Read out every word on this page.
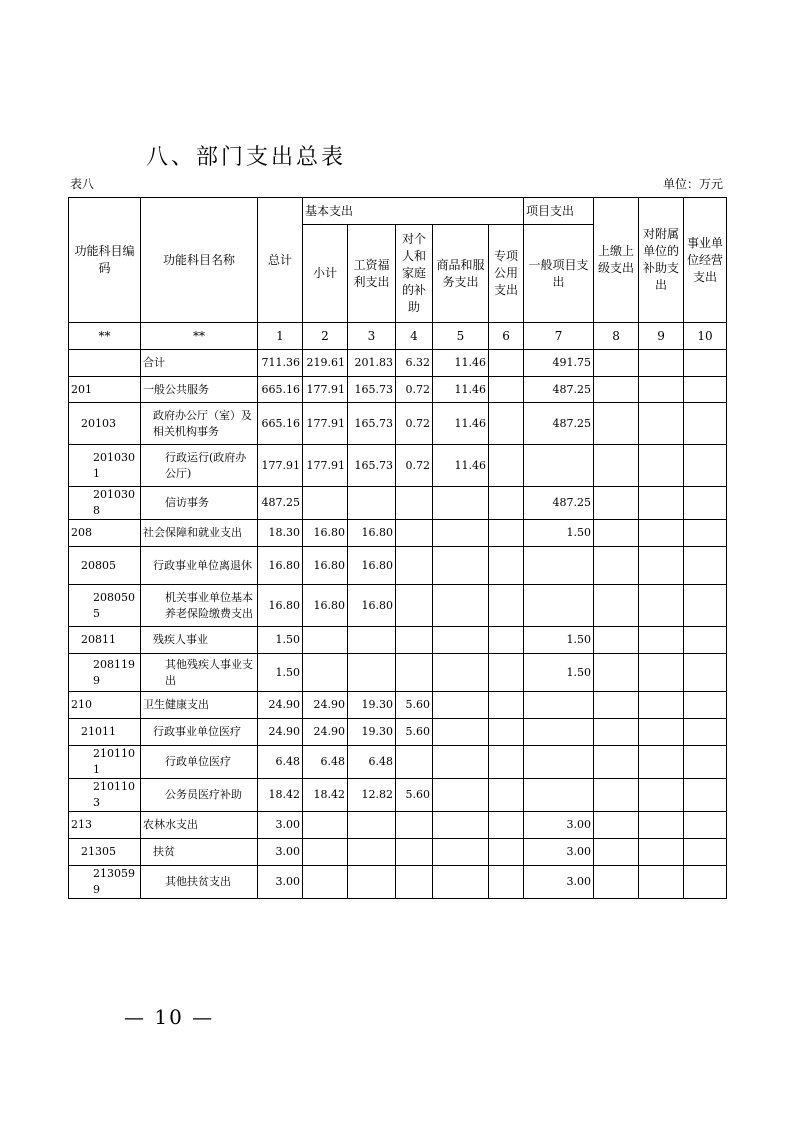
八、部门支出总表
表八	单位：万元
功能科目编码	功能科目名称	总计	基本支出					项目支出	上缴上级支出	对附属单位的补助支出	事业单位经营支出
			小计	工资福利支出	对个人和家庭的补助	商品和服务支出	专项公用支出	一般项目支出			
**	**	1	2	3	4	5	6	7	8	9	10
	合计	711.36	219.61	201.83	6.32	11.46		491.75			
201	一般公共服务	665.16	177.91	165.73	0.72	11.46		487.25			
20103	政府办公厅（室）及相关机构事务	665.16	177.91	165.73	0.72	11.46		487.25			
2010301	行政运行(政府办公厅)	177.91	177.91	165.73	0.72	11.46					
2010308	信访事务	487.25						487.25			
208	社会保障和就业支出	18.30	16.80	16.80				1.50			
20805	行政事业单位离退休	16.80	16.80	16.80							
2080505	机关事业单位基本养老保险缴费支出	16.80	16.80	16.80							
20811	残疾人事业	1.50						1.50			
2081199	其他残疾人事业支出	1.50						1.50			
210	卫生健康支出	24.90	24.90	19.30	5.60						
21011	行政事业单位医疗	24.90	24.90	19.30	5.60						
2101101	行政单位医疗	6.48	6.48	6.48							
2101103	公务员医疗补助	18.42	18.42	12.82	5.60						
213	农林水支出	3.00						3.00			
21305	扶贫	3.00						3.00			
2130599	其他扶贫支出	3.00						3.00			
— 10 —
